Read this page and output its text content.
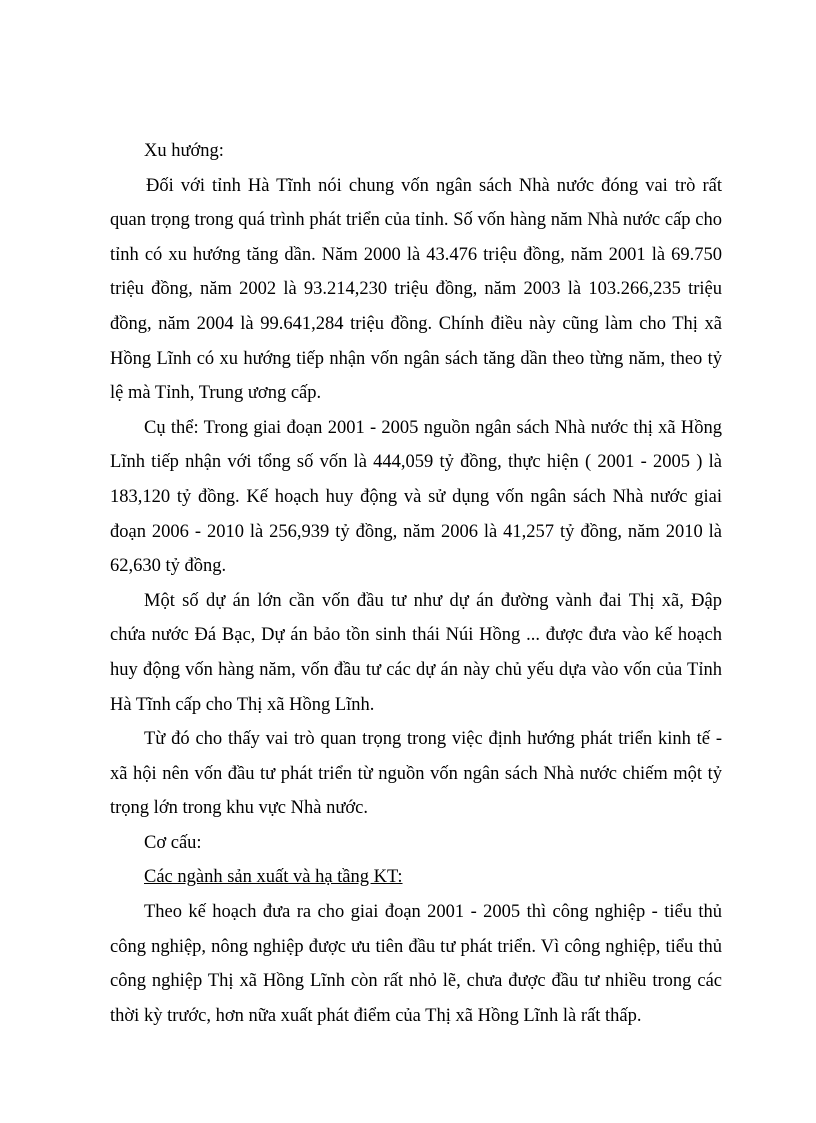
Xu hướng:
Đối với tỉnh Hà Tĩnh nói chung vốn ngân sách Nhà nước đóng vai trò rất
quan trọng trong quá trình phát triển của tỉnh. Số vốn hàng năm Nhà nước cấp cho
tỉnh có xu hướng tăng dần. Năm 2000 là 43.476 triệu đồng, năm 2001 là 69.750
triệu đồng, năm 2002 là 93.214,230 triệu đồng, năm 2003 là 103.266,235 triệu
đồng, năm 2004 là 99.641,284 triệu đồng. Chính điều này cũng làm cho Thị xã
Hồng Lĩnh có xu hướng tiếp nhận vốn ngân sách tăng dần theo từng năm, theo tỷ
lệ mà Tỉnh, Trung ương cấp.
Cụ thể: Trong giai đoạn 2001 - 2005 nguồn ngân sách Nhà nước thị xã Hồng
Lĩnh tiếp nhận với tổng số vốn là 444,059 tỷ đồng, thực hiện ( 2001 - 2005 ) là
183,120 tỷ đồng. Kế hoạch huy động và sử dụng vốn ngân sách Nhà nước giai
đoạn 2006 - 2010 là 256,939 tỷ đồng, năm 2006 là 41,257 tỷ đồng, năm 2010 là
62,630 tỷ đồng.
Một số dự án lớn cần vốn đầu tư như dự án đường vành đai Thị xã, Đập
chứa nước Đá Bạc, Dự án bảo tồn sinh thái Núi Hồng ... được đưa vào kế hoạch
huy động vốn hàng năm, vốn đầu tư các dự án này chủ yếu dựa vào vốn của Tỉnh
Hà Tĩnh cấp cho Thị xã Hồng Lĩnh.
Từ đó cho thấy vai trò quan trọng trong việc định hướng phát triển kinh tế -
xã hội nên vốn đầu tư phát triển từ nguồn vốn ngân sách Nhà nước chiếm một tỷ
trọng lớn trong khu vực Nhà nước.
Cơ cấu:
Các ngành sản xuất và hạ tầng KT:
Theo kế hoạch đưa ra cho giai đoạn 2001 - 2005 thì công nghiệp - tiểu thủ
công nghiệp, nông nghiệp được ưu tiên đầu tư phát triển. Vì công nghiệp, tiểu thủ
công nghiệp Thị xã Hồng Lĩnh còn rất nhỏ lẽ, chưa được đầu tư nhiều trong các
thời kỳ trước, hơn nữa xuất phát điểm của Thị xã Hồng Lĩnh là rất thấp.
